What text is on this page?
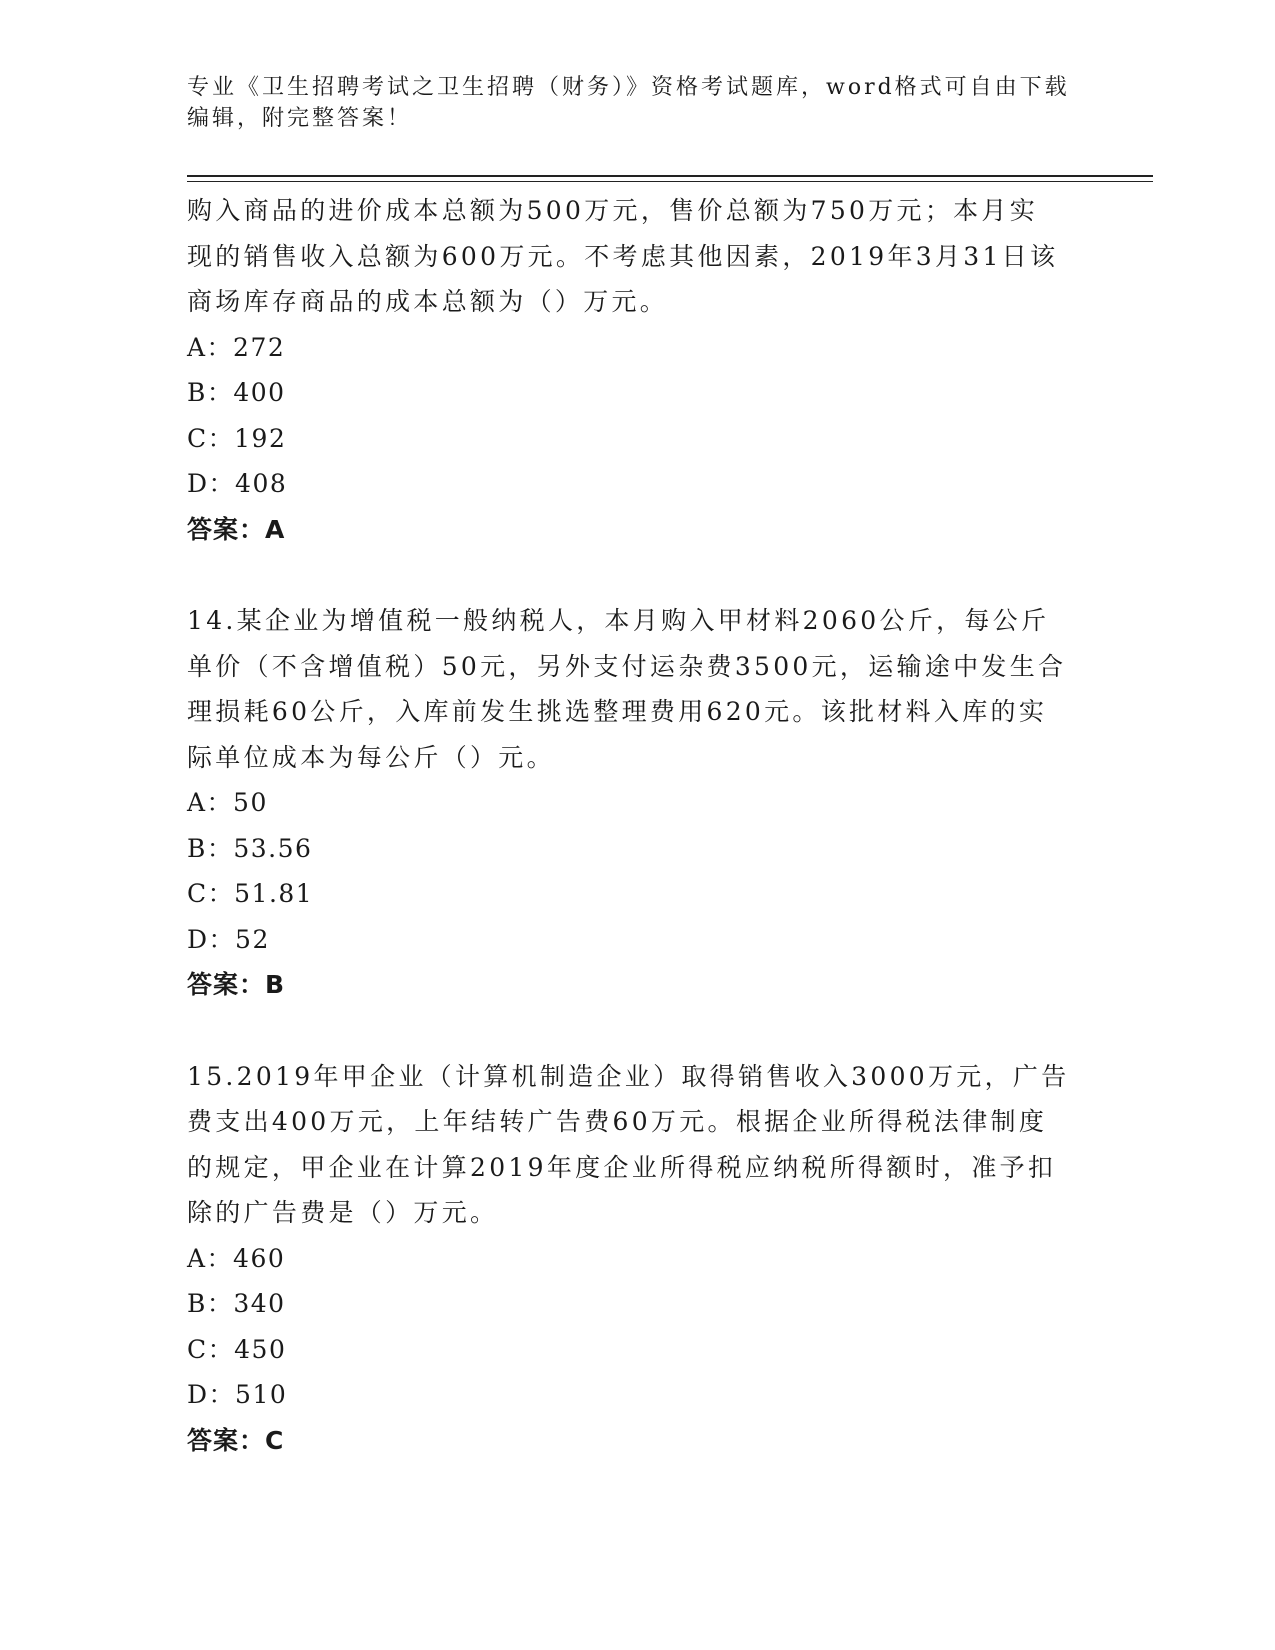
专业《卫生招聘考试之卫生招聘（财务）》资格考试题库，word格式可自由下载
编辑，附完整答案！

购入商品的进价成本总额为500万元，售价总额为750万元；本月实

现的销售收入总额为600万元。不考虑其他因素，2019年3月31日该

商场库存商品的成本总额为（）万元。

A：272

B：400

C：192

D：408

答案：A

14.某企业为增值税一般纳税人，本月购入甲材料2060公斤，每公斤

单价（不含增值税）50元，另外支付运杂费3500元，运输途中发生合

理损耗60公斤，入库前发生挑选整理费用620元。该批材料入库的实

际单位成本为每公斤（）元。

A：50

B：53.56

C：51.81

D：52

答案：B

15.2019年甲企业（计算机制造企业）取得销售收入3000万元，广告

费支出400万元，上年结转广告费60万元。根据企业所得税法律制度

的规定，甲企业在计算2019年度企业所得税应纳税所得额时，准予扣

除的广告费是（）万元。

A：460

B：340

C：450

D：510

答案：C
